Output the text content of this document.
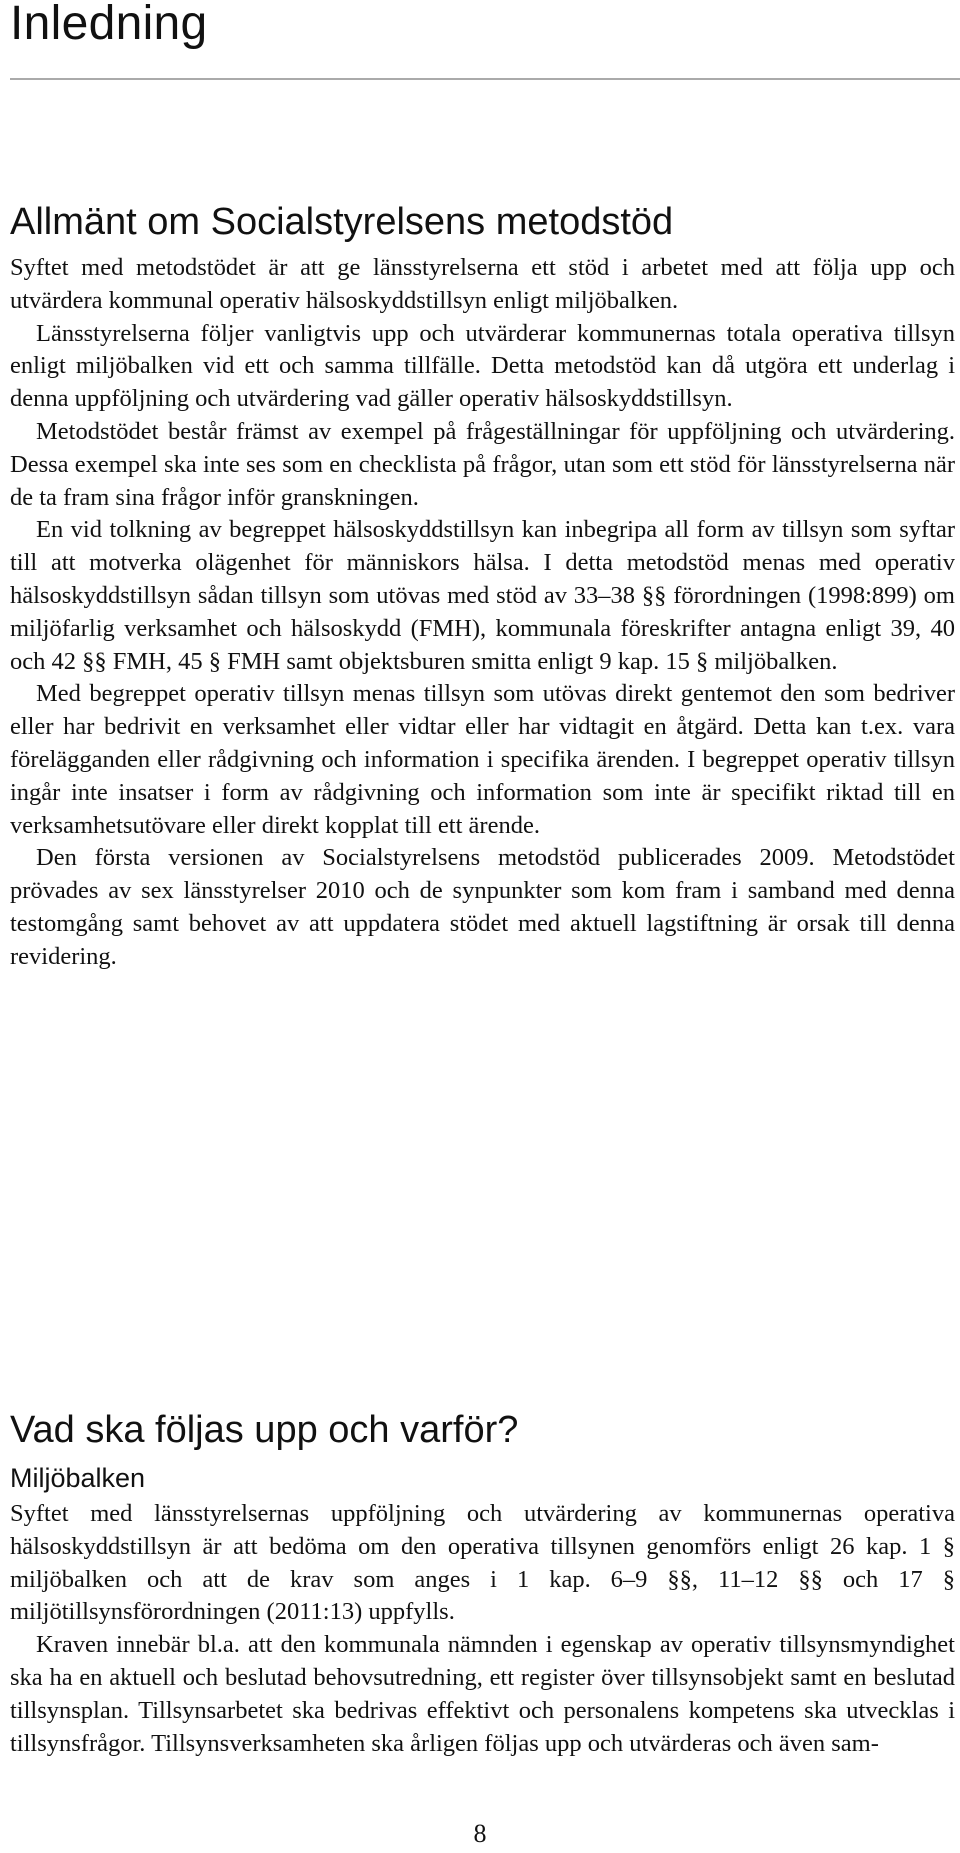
Inledning
Allmänt om Socialstyrelsens metodstöd

Syftet med metodstödet är att ge länsstyrelserna ett stöd i arbetet med att följa upp och utvärdera kommunal operativ hälsoskyddstillsyn enligt miljöbalken.

Länsstyrelserna följer vanligtvis upp och utvärderar kommunernas totala operativa tillsyn enligt miljöbalken vid ett och samma tillfälle. Detta metodstöd kan då utgöra ett underlag i denna uppföljning och utvärdering vad gäller operativ hälsoskyddstillsyn.

Metodstödet består främst av exempel på frågeställningar för uppföljning och utvärdering. Dessa exempel ska inte ses som en checklista på frågor, utan som ett stöd för länsstyrelserna när de ta fram sina frågor inför granskningen.

En vid tolkning av begreppet hälsoskyddstillsyn kan inbegripa all form av tillsyn som syftar till att motverka olägenhet för människors hälsa. I detta metodstöd menas med operativ hälsoskyddstillsyn sådan tillsyn som utövas med stöd av 33–38 §§ förordningen (1998:899) om miljöfarlig verksamhet och hälsoskydd (FMH), kommunala föreskrifter antagna enligt 39, 40 och 42 §§ FMH, 45 § FMH samt objektsburen smitta enligt 9 kap. 15 § miljöbalken.

Med begreppet operativ tillsyn menas tillsyn som utövas direkt gentemot den som bedriver eller har bedrivit en verksamhet eller vidtar eller har vidtagit en åtgärd. Detta kan t.ex. vara förelägganden eller rådgivning och information i specifika ärenden. I begreppet operativ tillsyn ingår inte insatser i form av rådgivning och information som inte är specifikt riktad till en verksamhetsutövare eller direkt kopplat till ett ärende.

Den första versionen av Socialstyrelsens metodstöd publicerades 2009. Metodstödet prövades av sex länsstyrelser 2010 och de synpunkter som kom fram i samband med denna testomgång samt behovet av att uppdatera stödet med aktuell lagstiftning är orsak till denna revidering.

Vad ska följas upp och varför?
Miljöbalken

Syftet med länsstyrelsernas uppföljning och utvärdering av kommunernas operativa hälsoskyddstillsyn är att bedöma om den operativa tillsynen genomförs enligt 26 kap. 1 § miljöbalken och att de krav som anges i 1 kap. 6–9 §§, 11–12 §§ och 17 § miljötillsynsförordningen (2011:13) uppfylls.

Kraven innebär bl.a. att den kommunala nämnden i egenskap av operativ tillsynsmyndighet ska ha en aktuell och beslutad behovsutredning, ett register över tillsynsobjekt samt en beslutad tillsynsplan. Tillsynsarbetet ska bedrivas effektivt och personalens kompetens ska utvecklas i tillsynsfrågor. Tillsynsverksamheten ska årligen följas upp och utvärderas och även sam-

8
